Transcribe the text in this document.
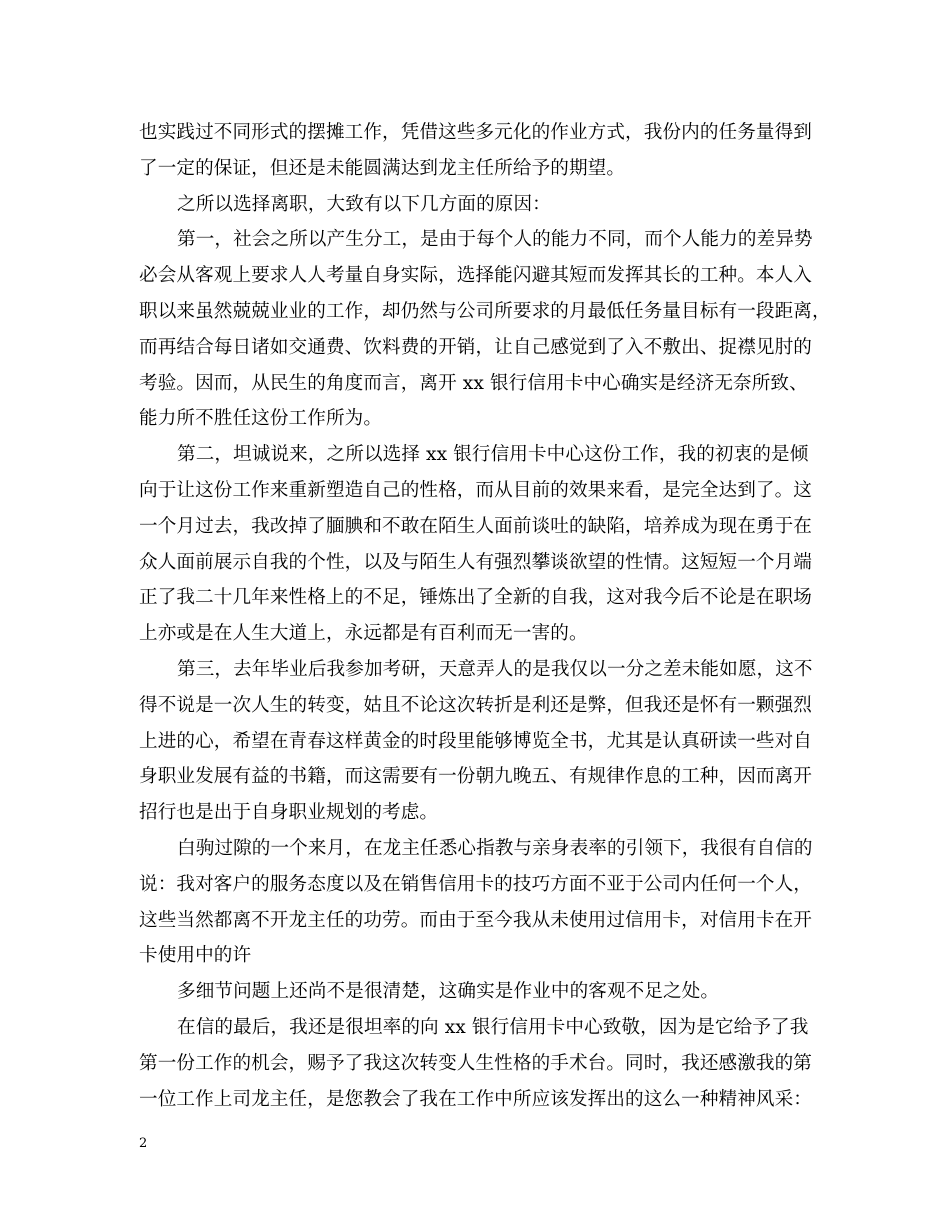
也实践过不同形式的摆摊工作，凭借这些多元化的作业方式，我份内的任务量得到
了一定的保证，但还是未能圆满达到龙主任所给予的期望。
之所以选择离职，大致有以下几方面的原因：
第一，社会之所以产生分工，是由于每个人的能力不同，而个人能力的差异势
必会从客观上要求人人考量自身实际，选择能闪避其短而发挥其长的工种。本人入
职以来虽然兢兢业业的工作，却仍然与公司所要求的月最低任务量目标有一段距离，
而再结合每日诸如交通费、饮料费的开销，让自己感觉到了入不敷出、捉襟见肘的
考验。因而，从民生的角度而言，离开 xx 银行信用卡中心确实是经济无奈所致、
能力所不胜任这份工作所为。
第二，坦诚说来，之所以选择 xx 银行信用卡中心这份工作，我的初衷的是倾
向于让这份工作来重新塑造自己的性格，而从目前的效果来看，是完全达到了。这
一个月过去，我改掉了腼腆和不敢在陌生人面前谈吐的缺陷，培养成为现在勇于在
众人面前展示自我的个性，以及与陌生人有强烈攀谈欲望的性情。这短短一个月端
正了我二十几年来性格上的不足，锤炼出了全新的自我，这对我今后不论是在职场
上亦或是在人生大道上，永远都是有百利而无一害的。
第三，去年毕业后我参加考研，天意弄人的是我仅以一分之差未能如愿，这不
得不说是一次人生的转变，姑且不论这次转折是利还是弊，但我还是怀有一颗强烈
上进的心，希望在青春这样黄金的时段里能够博览全书，尤其是认真研读一些对自
身职业发展有益的书籍，而这需要有一份朝九晚五、有规律作息的工种，因而离开
招行也是出于自身职业规划的考虑。
白驹过隙的一个来月，在龙主任悉心指教与亲身表率的引领下，我很有自信的
说：我对客户的服务态度以及在销售信用卡的技巧方面不亚于公司内任何一个人，
这些当然都离不开龙主任的功劳。而由于至今我从未使用过信用卡，对信用卡在开
卡使用中的许
多细节问题上还尚不是很清楚，这确实是作业中的客观不足之处。
在信的最后，我还是很坦率的向 xx 银行信用卡中心致敬，因为是它给予了我
第一份工作的机会，赐予了我这次转变人生性格的手术台。同时，我还感激我的第
一位工作上司龙主任，是您教会了我在工作中所应该发挥出的这么一种精神风采：
2
